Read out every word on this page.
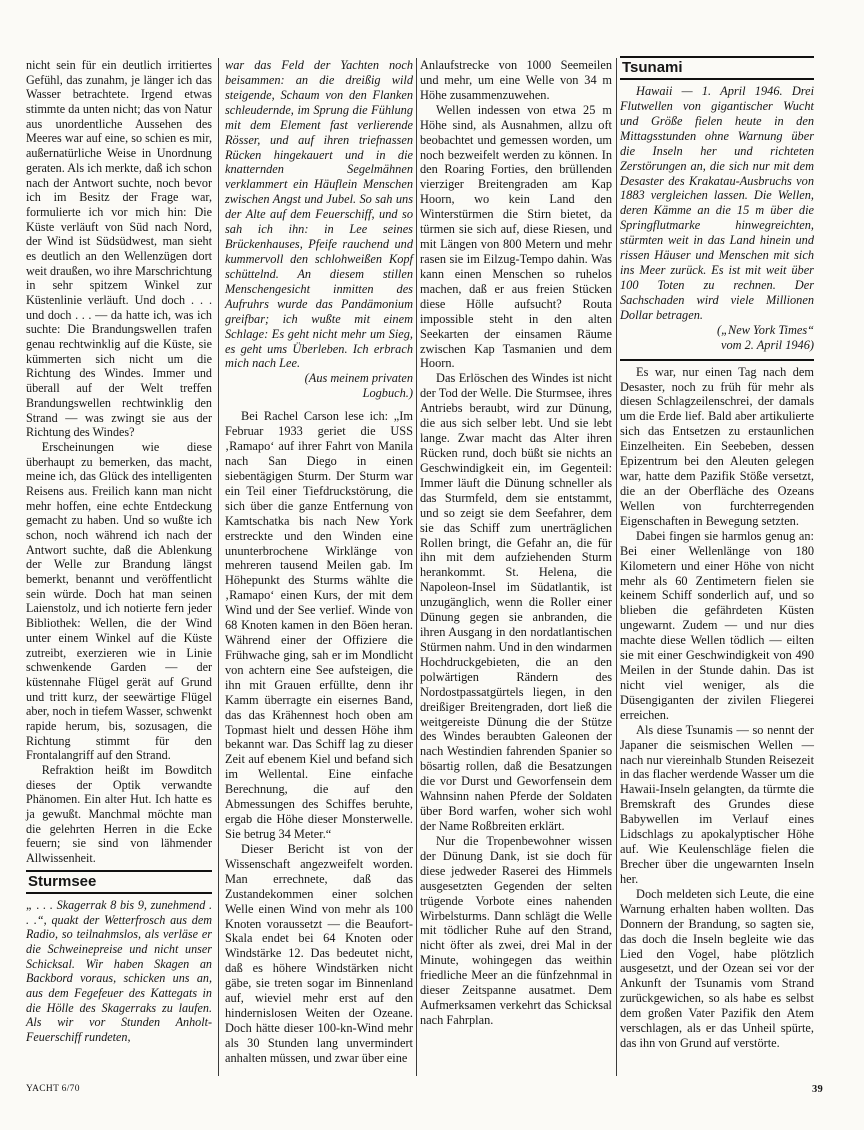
nicht sein für ein deutlich irritiertes Gefühl, das zunahm, je länger ich das Wasser betrachtete. Irgend etwas stimmte da unten nicht; das von Natur aus unordentliche Aussehen des Meeres war auf eine, so schien es mir, außernatürliche Weise in Unordnung geraten. Als ich merkte, daß ich schon nach der Antwort suchte, noch bevor ich im Besitz der Frage war, formulierte ich vor mich hin: Die Küste verläuft von Süd nach Nord, der Wind ist Südsüdwest, man sieht es deutlich an den Wellenzügen dort weit draußen, wo ihre Marschrichtung in sehr spitzem Winkel zur Küstenlinie verläuft. Und doch . . . und doch . . . — da hatte ich, was ich suchte: Die Brandungswellen trafen genau rechtwinklig auf die Küste, sie kümmerten sich nicht um die Richtung des Windes. Immer und überall auf der Welt treffen Brandungswellen rechtwinklig den Strand — was zwingt sie aus der Richtung des Windes?

Erscheinungen wie diese überhaupt zu bemerken, das macht, meine ich, das Glück des intelligenten Reisens aus. Freilich kann man nicht mehr hoffen, eine echte Entdeckung gemacht zu haben. Und so wußte ich schon, noch während ich nach der Antwort suchte, daß die Ablenkung der Welle zur Brandung längst bemerkt, benannt und veröffentlicht sein würde. Doch hat man seinen Laienstolz, und ich notierte fern jeder Bibliothek: Wellen, die der Wind unter einem Winkel auf die Küste zutreibt, exerzieren wie in Linie schwenkende Garden — der küstennahe Flügel gerät auf Grund und tritt kurz, der seewärtige Flügel aber, noch in tiefem Wasser, schwenkt rapide herum, bis, sozusagen, die Richtung stimmt für den Frontalangriff auf den Strand.

Refraktion heißt im Bowditch dieses der Optik verwandte Phänomen. Ein alter Hut. Ich hatte es ja gewußt. Manchmal möchte man die gelehrten Herren in die Ecke feuern; sie sind von lähmender Allwissenheit.

Sturmsee

„ . . . Skagerrak 8 bis 9, zunehmend . . .“, quakt der Wetterfrosch aus dem Radio, so teilnahmslos, als verläse er die Schweinepreise und nicht unser Schicksal. Wir haben Skagen an Backbord voraus, schicken uns an, aus dem Fegefeuer des Kattegats in die Hölle des Skagerraks zu laufen. Als wir vor Stunden Anholt-Feuerschiff rundeten,

war das Feld der Yachten noch beisammen: an die dreißig wild steigende, Schaum von den Flanken schleudernde, im Sprung die Fühlung mit dem Element fast verlierende Rösser, und auf ihren triefnassen Rücken hingekauert und in die knatternden Segelmähnen verklammert ein Häuflein Menschen zwischen Angst und Jubel. So sah uns der Alte auf dem Feuerschiff, und so sah ich ihn: in Lee seines Brückenhauses, Pfeife rauchend und kummervoll den schlohweißen Kopf schüttelnd. An diesem stillen Menschengesicht inmitten des Aufruhrs wurde das Pandämonium greifbar; ich wußte mit einem Schlage: Es geht nicht mehr um Sieg, es geht ums Überleben. Ich erbrach mich nach Lee.

(Aus meinem privaten
Logbuch.)

Bei Rachel Carson lese ich: „Im Februar 1933 geriet die USS ‚Ramapo‘ auf ihrer Fahrt von Manila nach San Diego in einen siebentägigen Sturm. Der Sturm war ein Teil einer Tiefdruckstörung, die sich über die ganze Entfernung von Kamtschatka bis nach New York erstreckte und den Winden eine ununterbrochene Wirklänge von mehreren tausend Meilen gab. Im Höhepunkt des Sturms wählte die ‚Ramapo‘ einen Kurs, der mit dem Wind und der See verlief. Winde von 68 Knoten kamen in den Böen heran. Während einer der Offiziere die Frühwache ging, sah er im Mondlicht von achtern eine See aufsteigen, die ihn mit Grauen erfüllte, denn ihr Kamm überragte ein eisernes Band, das das Krähennest hoch oben am Topmast hielt und dessen Höhe ihm bekannt war. Das Schiff lag zu dieser Zeit auf ebenem Kiel und befand sich im Wellental. Eine einfache Berechnung, die auf den Abmessungen des Schiffes beruhte, ergab die Höhe dieser Monsterwelle. Sie betrug 34 Meter.“

Dieser Bericht ist von der Wissenschaft angezweifelt worden. Man errechnete, daß das Zustandekommen einer solchen Welle einen Wind von mehr als 100 Knoten voraussetzt — die Beaufort-Skala endet bei 64 Knoten oder Windstärke 12. Das bedeutet nicht, daß es höhere Windstärken nicht gäbe, sie treten sogar im Binnenland auf, wieviel mehr erst auf den hindernislosen Weiten der Ozeane. Doch hätte dieser 100-kn-Wind mehr als 30 Stunden lang unvermindert anhalten müssen, und zwar über eine

Anlaufstrecke von 1000 Seemeilen und mehr, um eine Welle von 34 m Höhe zusammenzuwehen.

Wellen indessen von etwa 25 m Höhe sind, als Ausnahmen, allzu oft beobachtet und gemessen worden, um noch bezweifelt werden zu können. In den Roaring Forties, den brüllenden vierziger Breitengraden am Kap Hoorn, wo kein Land den Winterstürmen die Stirn bietet, da türmen sie sich auf, diese Riesen, und mit Längen von 800 Metern und mehr rasen sie im Eilzug-Tempo dahin. Was kann einen Menschen so ruhelos machen, daß er aus freien Stücken diese Hölle aufsucht? Routa impossible steht in den alten Seekarten der einsamen Räume zwischen Kap Tasmanien und dem Hoorn.

Das Erlöschen des Windes ist nicht der Tod der Welle. Die Sturmsee, ihres Antriebs beraubt, wird zur Dünung, die aus sich selber lebt. Und sie lebt lange. Zwar macht das Alter ihren Rücken rund, doch büßt sie nichts an Geschwindigkeit ein, im Gegenteil: Immer läuft die Dünung schneller als das Sturmfeld, dem sie entstammt, und so zeigt sie dem Seefahrer, dem sie das Schiff zum unerträglichen Rollen bringt, die Gefahr an, die für ihn mit dem aufziehenden Sturm herankommt. St. Helena, die Napoleon-Insel im Südatlantik, ist unzugänglich, wenn die Roller einer Dünung gegen sie anbranden, die ihren Ausgang in den nordatlantischen Stürmen nahm. Und in den windarmen Hochdruckgebieten, die an den polwärtigen Rändern des Nordostpassatgürtels liegen, in den dreißiger Breitengraden, dort ließ die weitgereiste Dünung die der Stütze des Windes beraubten Galeonen der nach Westindien fahrenden Spanier so bösartig rollen, daß die Besatzungen die vor Durst und Geworfensein dem Wahnsinn nahen Pferde der Soldaten über Bord warfen, woher sich wohl der Name Roßbreiten erklärt.

Nur die Tropenbewohner wissen der Dünung Dank, ist sie doch für diese jedweder Raserei des Himmels ausgesetzten Gegenden der selten trügende Vorbote eines nahenden Wirbelsturms. Dann schlägt die Welle mit tödlicher Ruhe auf den Strand, nicht öfter als zwei, drei Mal in der Minute, wohingegen das weithin friedliche Meer an die fünfzehnmal in dieser Zeitspanne ausatmet. Dem Aufmerksamen verkehrt das Schicksal nach Fahrplan.

Tsunami

Hawaii — 1. April 1946. Drei Flutwellen von gigantischer Wucht und Größe fielen heute in den Mittagsstunden ohne Warnung über die Inseln her und richteten Zerstörungen an, die sich nur mit dem Desaster des Krakatau-Ausbruchs von 1883 vergleichen lassen. Die Wellen, deren Kämme an die 15 m über die Springflutmarke hinwegreichten, stürmten weit in das Land hinein und rissen Häuser und Menschen mit sich ins Meer zurück. Es ist mit weit über 100 Toten zu rechnen. Der Sachschaden wird viele Millionen Dollar betragen.

(„New York Times“
vom 2. April 1946)

Es war, nur einen Tag nach dem Desaster, noch zu früh für mehr als diesen Schlagzeilenschrei, der damals um die Erde lief. Bald aber artikulierte sich das Entsetzen zu erstaunlichen Einzelheiten. Ein Seebeben, dessen Epizentrum bei den Aleuten gelegen war, hatte dem Pazifik Stöße versetzt, die an der Oberfläche des Ozeans Wellen von furchterregenden Eigenschaften in Bewegung setzten.

Dabei fingen sie harmlos genug an: Bei einer Wellenlänge von 180 Kilometern und einer Höhe von nicht mehr als 60 Zentimetern fielen sie keinem Schiff sonderlich auf, und so blieben die gefährdeten Küsten ungewarnt. Zudem — und nur dies machte diese Wellen tödlich — eilten sie mit einer Geschwindigkeit von 490 Meilen in der Stunde dahin. Das ist nicht viel weniger, als die Düsengiganten der zivilen Fliegerei erreichen.

Als diese Tsunamis — so nennt der Japaner die seismischen Wellen — nach nur viereinhalb Stunden Reisezeit in das flacher werdende Wasser um die Hawaii-Inseln gelangten, da türmte die Bremskraft des Grundes diese Babywellen im Verlauf eines Lidschlags zu apokalyptischer Höhe auf. Wie Keulenschläge fielen die Brecher über die ungewarnten Inseln her.

Doch meldeten sich Leute, die eine Warnung erhalten haben wollten. Das Donnern der Brandung, so sagten sie, das doch die Inseln begleite wie das Lied den Vogel, habe plötzlich ausgesetzt, und der Ozean sei vor der Ankunft der Tsunamis vom Strand zurückgewichen, so als habe es selbst dem großen Vater Pazifik den Atem verschlagen, als er das Unheil spürte, das ihn von Grund auf verstörte.

YACHT 6/70	39
